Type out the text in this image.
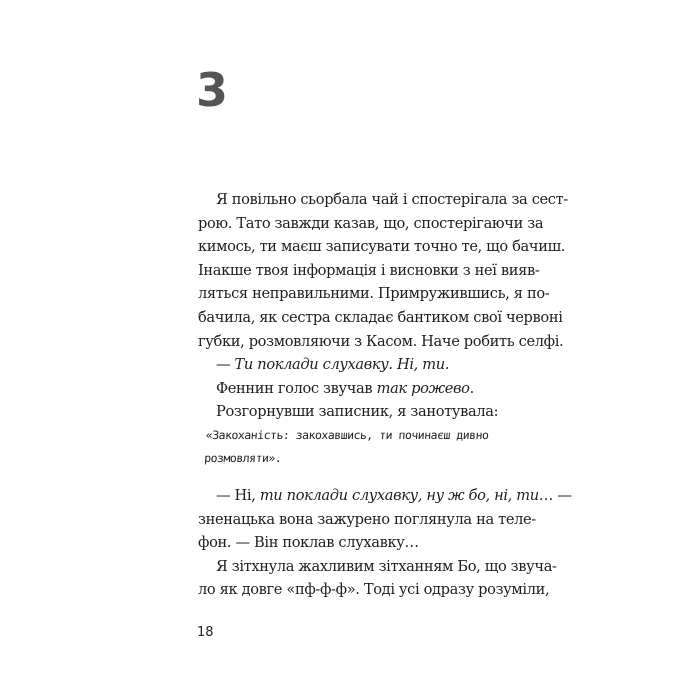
3
Я повільно сьорбала чай і спостерігала за сест-
рою. Тато завжди казав, що, спостерігаючи за
кимось, ти маєш записувати точно те, що бачиш.
Інакше твоя інформація і висновки з неї вияв-
ляться неправильними. Примружившись, я по-
бачила, як сестра складає бантиком свої червоні
губки, розмовляючи з Касом. Наче робить селфі.
— Ти поклади слухавку. Ні, ти.
Феннин голос звучав так рожево.
Розгорнувши записник, я занотувала:
«Закоханість: закохавшись, ти починаєш дивно
розмовляти».
— Ні, ти поклади слухавку, ну ж бо, ні, ти… —
зненацька вона зажурено поглянула на теле-
фон. — Він поклав слухавку…
Я зітхнула жахливим зітханням Бо, що звуча-
ло як довге «пф-ф-ф». Тоді усі одразу розуміли,
18
